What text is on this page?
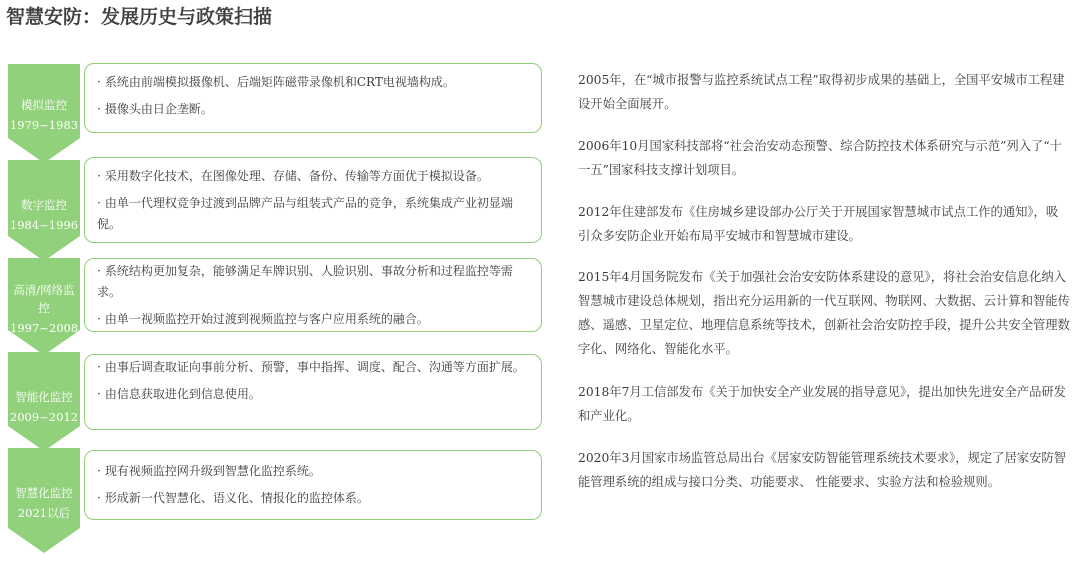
智慧安防：发展历史与政策扫描
模拟监控
1979~1983
数字监控
1984~1996
高清/网络监控
1997~2008
智能化监控
2009~2012
智慧化监控
2021以后
· 系统由前端模拟摄像机、后端矩阵磁带录像机和CRT电视墙构成。
· 摄像头由日企垄断。
· 采用数字化技术，在图像处理、存储、备份、传输等方面优于模拟设备。
· 由单一代理权竞争过渡到品牌产品与组装式产品的竞争，系统集成产业初显端倪。
· 系统结构更加复杂，能够满足车牌识别、人脸识别、事故分析和过程监控等需求。
· 由单一视频监控开始过渡到视频监控与客户应用系统的融合。
· 由事后调查取证向事前分析、预警，事中指挥、调度、配合、沟通等方面扩展。
· 由信息获取进化到信息使用。
· 现有视频监控网升级到智慧化监控系统。
· 形成新一代智慧化、语义化、情报化的监控体系。
2005年，在“城市报警与监控系统试点工程”取得初步成果的基础上，全国平安城市工程建设开始全面展开。
2006年10月国家科技部将“社会治安动态预警、综合防控技术体系研究与示范”列入了“十一五”国家科技支撑计划项目。
2012年住建部发布《住房城乡建设部办公厅关于开展国家智慧城市试点工作的通知》，吸引众多安防企业开始布局平安城市和智慧城市建设。
2015年4月国务院发布《关于加强社会治安安防体系建设的意见》，将社会治安信息化纳入智慧城市建设总体规划，指出充分运用新的一代互联网、物联网、大数据、云计算和智能传感、遥感、卫星定位、地理信息系统等技术，创新社会治安防控手段，提升公共安全管理数字化、网络化、智能化水平。
2018年7月工信部发布《关于加快安全产业发展的指导意见》，提出加快先进安全产品研发和产业化。
2020年3月国家市场监管总局出台《居家安防智能管理系统技术要求》，规定了居家安防智能管理系统的组成与接口分类、功能要求、 性能要求、实验方法和检验规则。
